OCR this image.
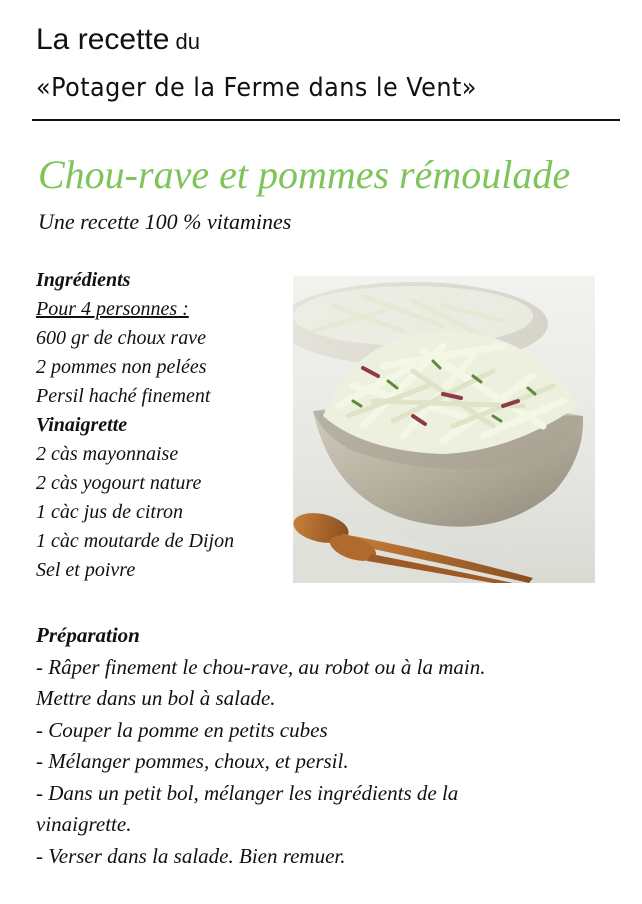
La recette du
«Potager de la Ferme dans le Vent»
Chou-rave et pommes rémoulade
Une recette 100 % vitamines
Ingrédients
Pour 4 personnes :
600 gr de choux rave
2 pommes non pelées
Persil haché finement
Vinaigrette
2 càs mayonnaise
2 càs yogourt nature
1 càc jus de citron
1 càc moutarde de Dijon
Sel et poivre
Préparation
- Râper finement le chou-rave, au robot ou à la main.
Mettre dans un bol à salade.
- Couper la pomme en petits cubes
- Mélanger pommes, choux, et persil.
- Dans un petit bol, mélanger les ingrédients de la
vinaigrette.
- Verser dans la salade. Bien remuer.
